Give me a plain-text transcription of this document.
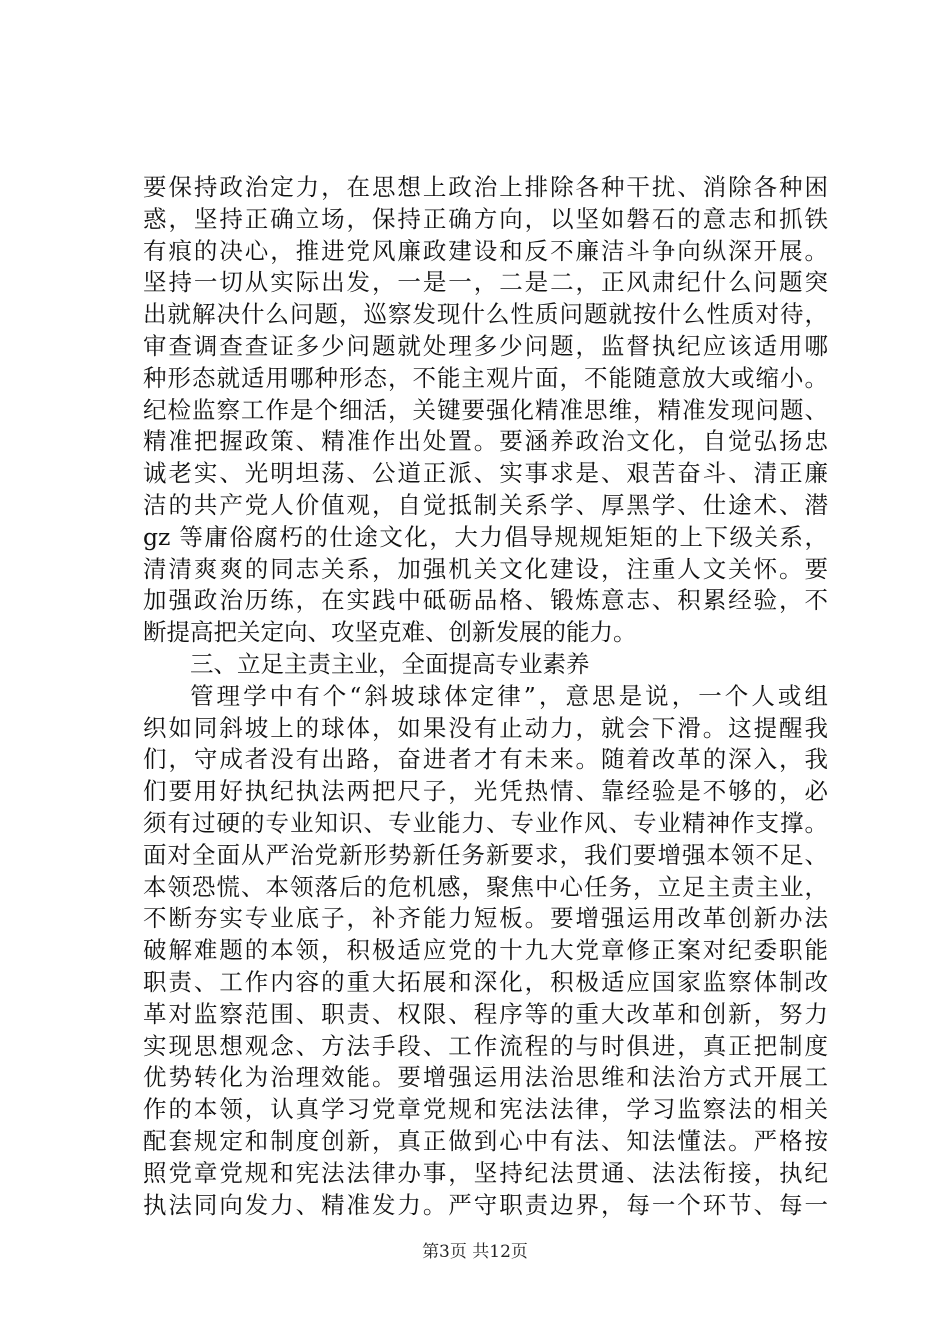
要保持政治定力，在思想上政治上排除各种干扰、消除各种困
惑，坚持正确立场，保持正确方向，以坚如磐石的意志和抓铁
有痕的决心，推进党风廉政建设和反不廉洁斗争向纵深开展。
坚持一切从实际出发，一是一，二是二，正风肃纪什么问题突
出就解决什么问题，巡察发现什么性质问题就按什么性质对待，
审查调查查证多少问题就处理多少问题，监督执纪应该适用哪
种形态就适用哪种形态，不能主观片面，不能随意放大或缩小。
纪检监察工作是个细活，关键要强化精准思维，精准发现问题、
精准把握政策、精准作出处置。要涵养政治文化，自觉弘扬忠
诚老实、光明坦荡、公道正派、实事求是、艰苦奋斗、清正廉
洁的共产党人价值观，自觉抵制关系学、厚黑学、仕途术、潜
gz 等庸俗腐朽的仕途文化，大力倡导规规矩矩的上下级关系，
清清爽爽的同志关系，加强机关文化建设，注重人文关怀。要
加强政治历练，在实践中砥砺品格、锻炼意志、积累经验，不
断提高把关定向、攻坚克难、创新发展的能力。
三、立足主责主业，全面提高专业素养
管理学中有个“斜坡球体定律”，意思是说，一个人或组
织如同斜坡上的球体，如果没有止动力，就会下滑。这提醒我
们，守成者没有出路，奋进者才有未来。随着改革的深入，我
们要用好执纪执法两把尺子，光凭热情、靠经验是不够的，必
须有过硬的专业知识、专业能力、专业作风、专业精神作支撑。
面对全面从严治党新形势新任务新要求，我们要增强本领不足、
本领恐慌、本领落后的危机感，聚焦中心任务，立足主责主业，
不断夯实专业底子，补齐能力短板。要增强运用改革创新办法
破解难题的本领，积极适应党的十九大党章修正案对纪委职能
职责、工作内容的重大拓展和深化，积极适应国家监察体制改
革对监察范围、职责、权限、程序等的重大改革和创新，努力
实现思想观念、方法手段、工作流程的与时俱进，真正把制度
优势转化为治理效能。要增强运用法治思维和法治方式开展工
作的本领，认真学习党章党规和宪法法律，学习监察法的相关
配套规定和制度创新，真正做到心中有法、知法懂法。严格按
照党章党规和宪法法律办事，坚持纪法贯通、法法衔接，执纪
执法同向发力、精准发力。严守职责边界，每一个环节、每一
第3页 共12页
